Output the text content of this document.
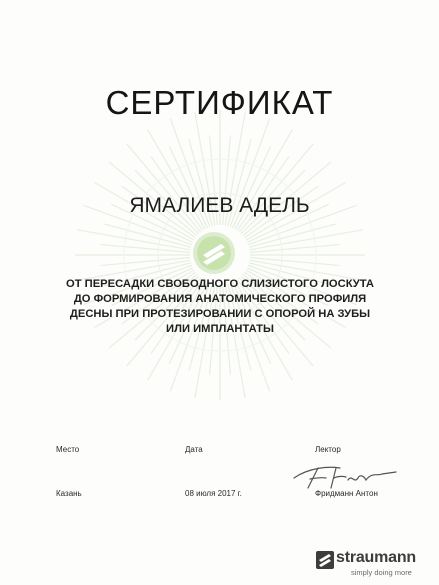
СЕРТИФИКАТ
ЯМАЛИЕВ АДЕЛЬ
ОТ ПЕРЕСАДКИ СВОБОДНОГО СЛИЗИСТОГО ЛОСКУТА
ДО ФОРМИРОВАНИЯ АНАТОМИЧЕСКОГО ПРОФИЛЯ
ДЕСНЫ ПРИ ПРОТЕЗИРОВАНИИ С ОПОРОЙ НА ЗУБЫ
ИЛИ ИМПЛАНТАТЫ
Место	Дата	Лектор
Казань	08 июля 2017 г.	Фридманн Антон
straumann
simply doing more
